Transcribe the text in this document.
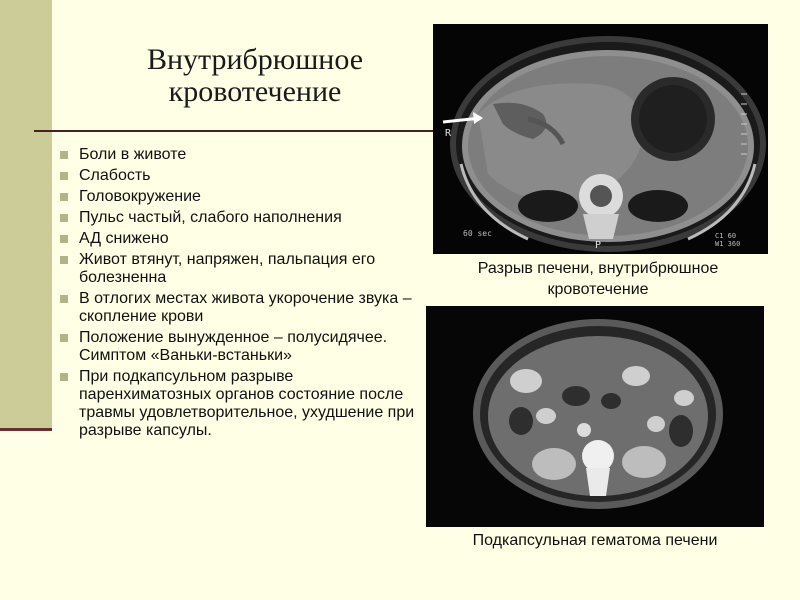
Внутрибрюшное
кровотечение
Боли в животе
Слабость
Головокружение
Пульс частый, слабого наполнения
АД снижено
Живот втянут, напряжен, пальпация его болезненна
В отлогих местах живота укорочение звука – скопление крови
Положение вынужденное – полусидячее. Симптом «Ваньки-встаньки»
При подкапсульном разрыве паренхиматозных органов состояние после травмы удовлетворительное, ухудшение при разрыве капсулы.
R
P
60 sec	C1 60
W1 360
Разрыв печени, внутрибрюшное кровотечение
Подкапсульная гематома печени
